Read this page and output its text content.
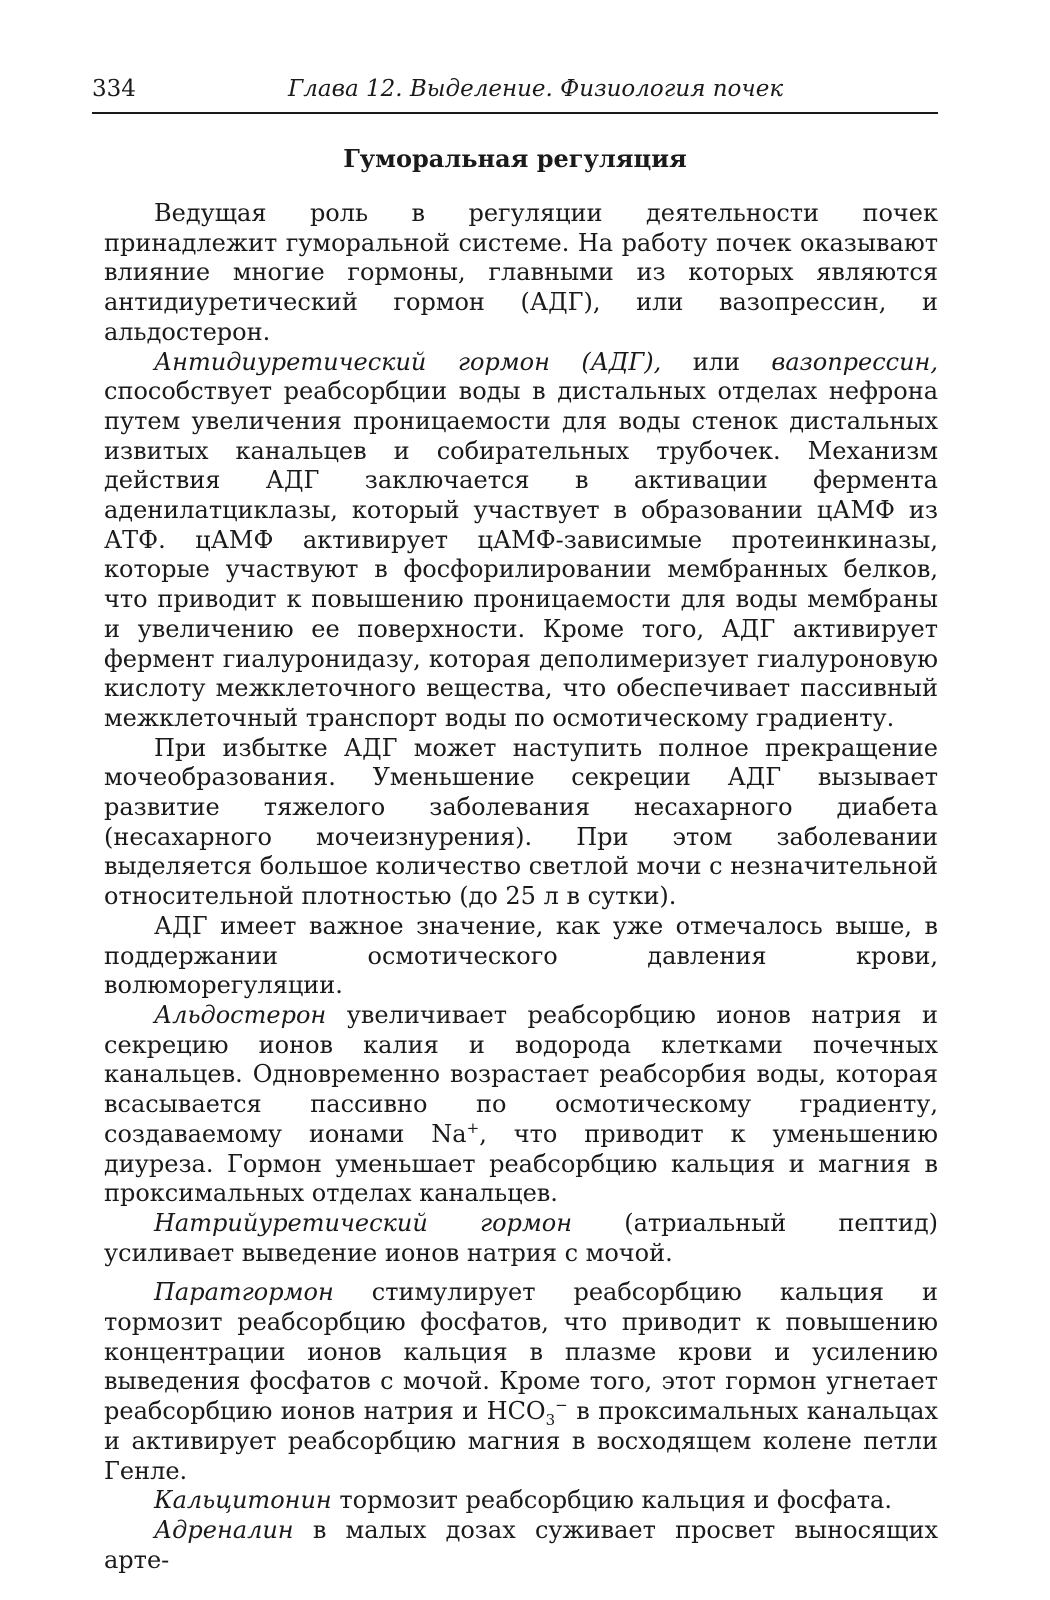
334	Глава 12. Выделение. Физиология почек
Гуморальная регуляция

Ведущая роль в регуляции деятельности почек принадлежит гуморальной системе. На работу почек оказывают влияние многие гормоны, главными из которых являются антидиуретический гормон (АДГ), или вазопрессин, и альдостерон.

Антидиуретический гормон (АДГ), или вазопрессин, способствует реабсорбции воды в дистальных отделах нефрона путем увеличения проницаемости для воды стенок дистальных извитых канальцев и собирательных трубочек. Механизм действия АДГ заключается в активации фермента аденилатциклазы, который участвует в образовании цАМФ из АТФ. цАМФ активирует цАМФ-зависимые протеинкиназы, которые участвуют в фосфорилировании мембранных белков, что приводит к повышению проницаемости для воды мембраны и увеличению ее поверхности. Кроме того, АДГ активирует фермент гиалуронидазу, которая деполимеризует гиалуроновую кислоту межклеточного вещества, что обеспечивает пассивный межклеточный транспорт воды по осмотическому градиенту.

При избытке АДГ может наступить полное прекращение мочеобразования. Уменьшение секреции АДГ вызывает развитие тяжелого заболевания несахарного диабета (несахарного мочеизнурения). При этом заболевании выделяется большое количество светлой мочи с незначительной относительной плотностью (до 25 л в сутки).

АДГ имеет важное значение, как уже отмечалось выше, в поддержании осмотического давления крови, волюморегуляции.

Альдостерон увеличивает реабсорбцию ионов натрия и секрецию ионов калия и водорода клетками почечных канальцев. Одновременно возрастает реабсорбия воды, которая всасывается пассивно по осмотическому градиенту, создаваемому ионами Na+, что приводит к уменьшению диуреза. Гормон уменьшает реабсорбцию кальция и магния в проксимальных отделах канальцев.

Натрийуретический гормон (атриальный пептид) усиливает выведение ионов натрия с мочой.

Паратгормон стимулирует реабсорбцию кальция и тормозит реабсорбцию фосфатов, что приводит к повышению концентрации ионов кальция в плазме крови и усилению выведения фосфатов с мочой. Кроме того, этот гормон угнетает реабсорбцию ионов натрия и $НСО_3^-$ в проксимальных канальцах и активирует реабсорбцию магния в восходящем колене петли Генле.

Кальцитонин тормозит реабсорбцию кальция и фосфата.

Адреналин в малых дозах суживает просвет выносящих арте-
